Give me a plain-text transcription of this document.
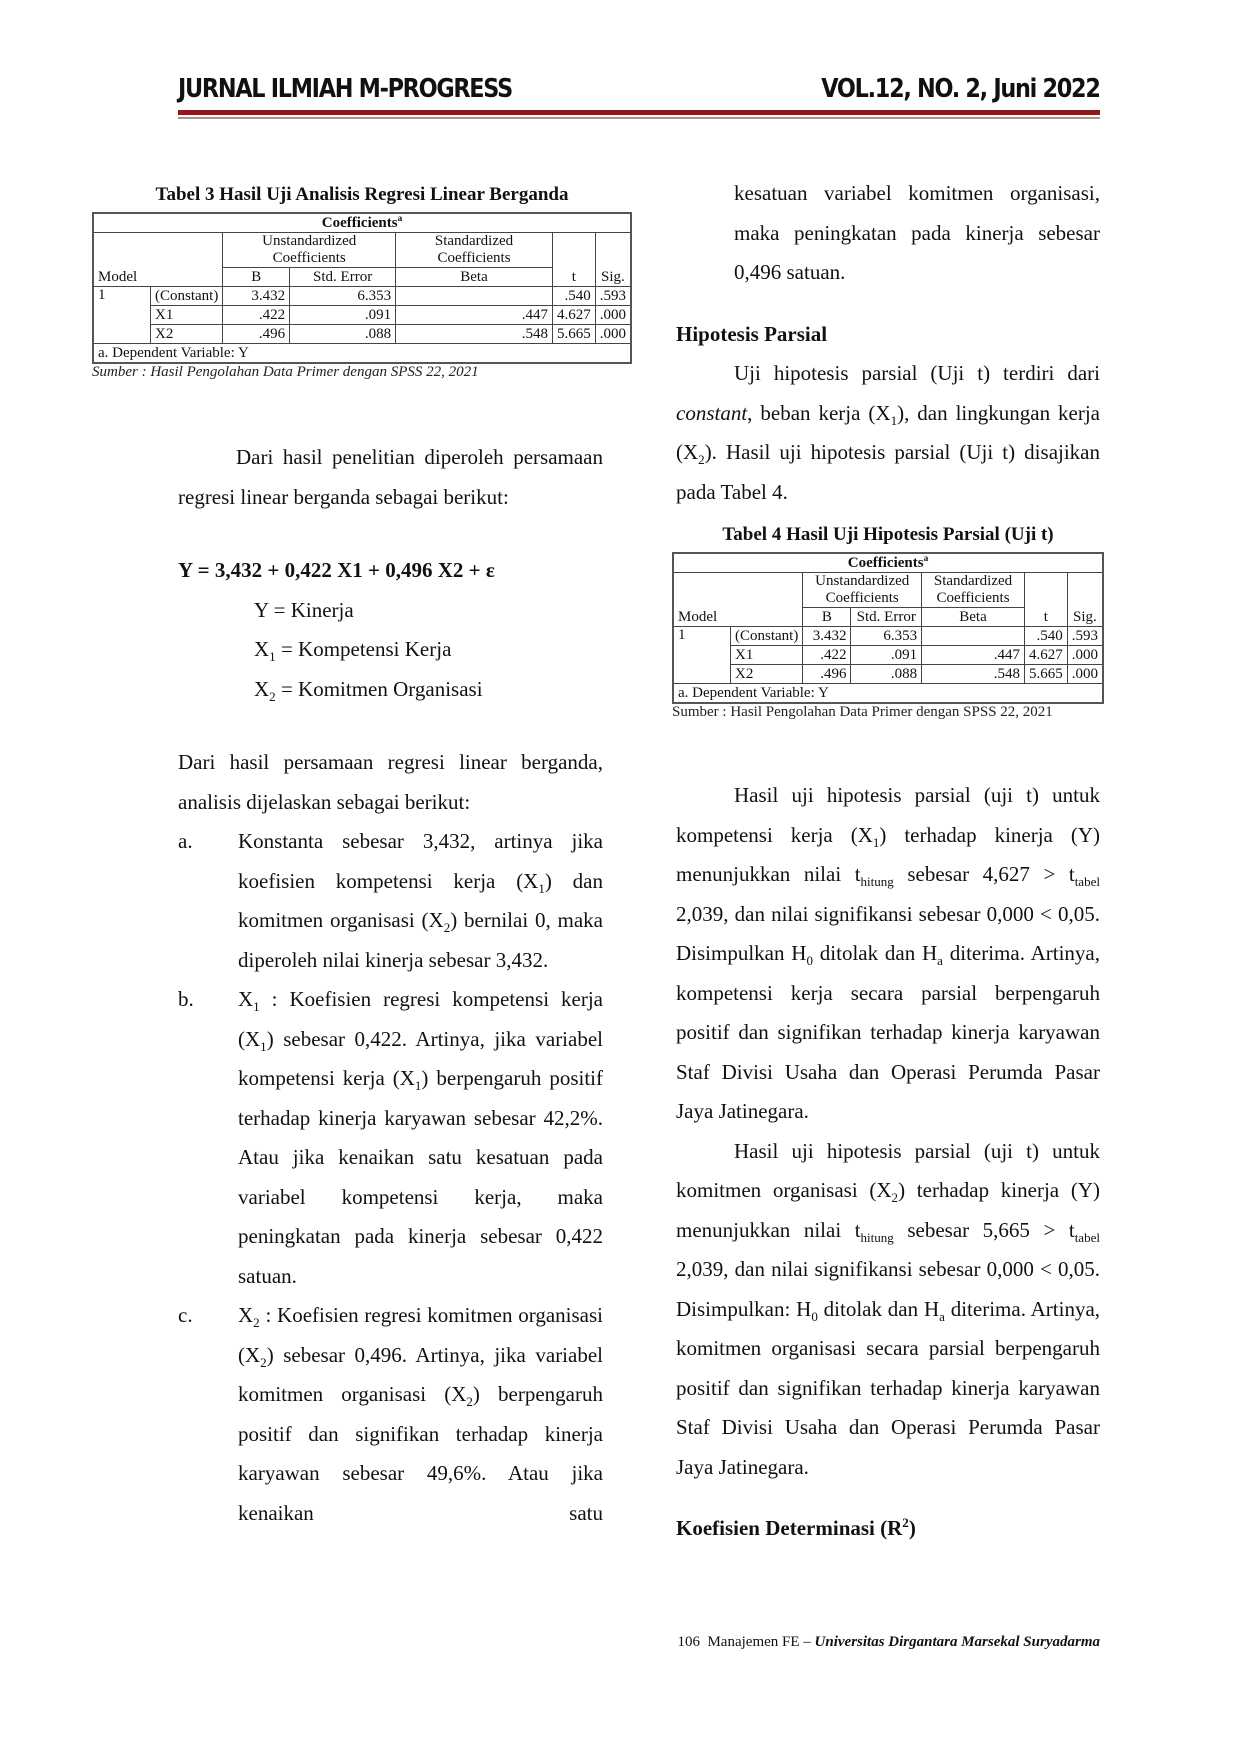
JURNAL ILMIAH M-PROGRESS	VOL.12, NO. 2, Juni 2022
Tabel 3 Hasil Uji Analisis Regresi Linear Berganda
Coefficients$^a$
Model		Unstandardized Coefficients		Standardized Coefficients	t	Sig.
		B	Std. Error	Beta		
1	(Constant)	3.432	6.353		.540	.593
	X1	.422	.091	.447	4.627	.000
	X2	.496	.088	.548	5.665	.000
a. Dependent Variable: Y						
Sumber : Hasil Pengolahan Data Primer dengan SPSS 22, 2021
Tabel 4 Hasil Uji Hipotesis Parsial (Uji t)
Coefficients$^a$
Model		Unstandardized Coefficients		Standardized Coefficients	t	Sig.
		B	Std. Error	Beta		
1	(Constant)	3.432	6.353		.540	.593
	X1	.422	.091	.447	4.627	.000
	X2	.496	.088	.548	5.665	.000
a. Dependent Variable: Y						
Sumber : Hasil Pengolahan Data Primer dengan SPSS 22, 2021

Dari hasil penelitian diperoleh persamaan regresi linear berganda sebagai berikut:

Y = 3,432 + 0,422 X1 + 0,496 X2 + ε

Y = Kinerja

$X_1$ = Kompetensi Kerja

$X_2$ = Komitmen Organisasi

Dari hasil persamaan regresi linear berganda, analisis dijelaskan sebagai berikut:

a. Konstanta sebesar 3,432, artinya jika koefisien kompetensi kerja $(X_1)$ dan komitmen organisasi $(X_2)$ bernilai 0, maka diperoleh nilai kinerja sebesar 3,432.
b. $X_1$ : Koefisien regresi kompetensi kerja $(X_1)$ sebesar 0,422. Artinya, jika variabel kompetensi kerja $(X_1)$ berpengaruh positif terhadap kinerja karyawan sebesar 42,2%. Atau jika kenaikan satu kesatuan pada variabel kompetensi kerja, maka peningkatan pada kinerja sebesar 0,422 satuan.
c. $X_2$ : Koefisien regresi komitmen organisasi $(X_2)$ sebesar 0,496. Artinya, jika variabel komitmen organisasi $(X_2)$ berpengaruh positif dan signifikan terhadap kinerja karyawan sebesar 49,6%. Atau jika kenaikan satu

kesatuan variabel komitmen organisasi, maka peningkatan pada kinerja sebesar 0,496 satuan.

Hipotesis Parsial

Uji hipotesis parsial (Uji t) terdiri dari constant, beban kerja $(X_1)$, dan lingkungan kerja $(X_2)$. Hasil uji hipotesis parsial (Uji t) disajikan pada Tabel 4.

Hasil uji hipotesis parsial (uji t) untuk kompetensi kerja $(X_1)$ terhadap kinerja (Y) menunjukkan nilai $t_{hitung}$ sebesar $4,627 > t_{tabel}$ 2,039, dan nilai signifikansi sebesar 0,000 < 0,05. Disimpulkan $H_0$ ditolak dan $H_a$ diterima. Artinya, kompetensi kerja secara parsial berpengaruh positif dan signifikan terhadap kinerja karyawan Staf Divisi Usaha dan Operasi Perumda Pasar Jaya Jatinegara.

Hasil uji hipotesis parsial (uji t) untuk komitmen organisasi $(X_2)$ terhadap kinerja (Y) menunjukkan nilai $t_{hitung}$ sebesar $5,665 > t_{tabel}$ 2,039, dan nilai signifikansi sebesar 0,000 < 0,05. Disimpulkan: $H_0$ ditolak dan $H_a$ diterima. Artinya, komitmen organisasi secara parsial berpengaruh positif dan signifikan terhadap kinerja karyawan Staf Divisi Usaha dan Operasi Perumda Pasar Jaya Jatinegara.

Koefisien Determinasi $(R^2)$

106 Manajemen FE – Universitas Dirgantara Marsekal Suryadarma
